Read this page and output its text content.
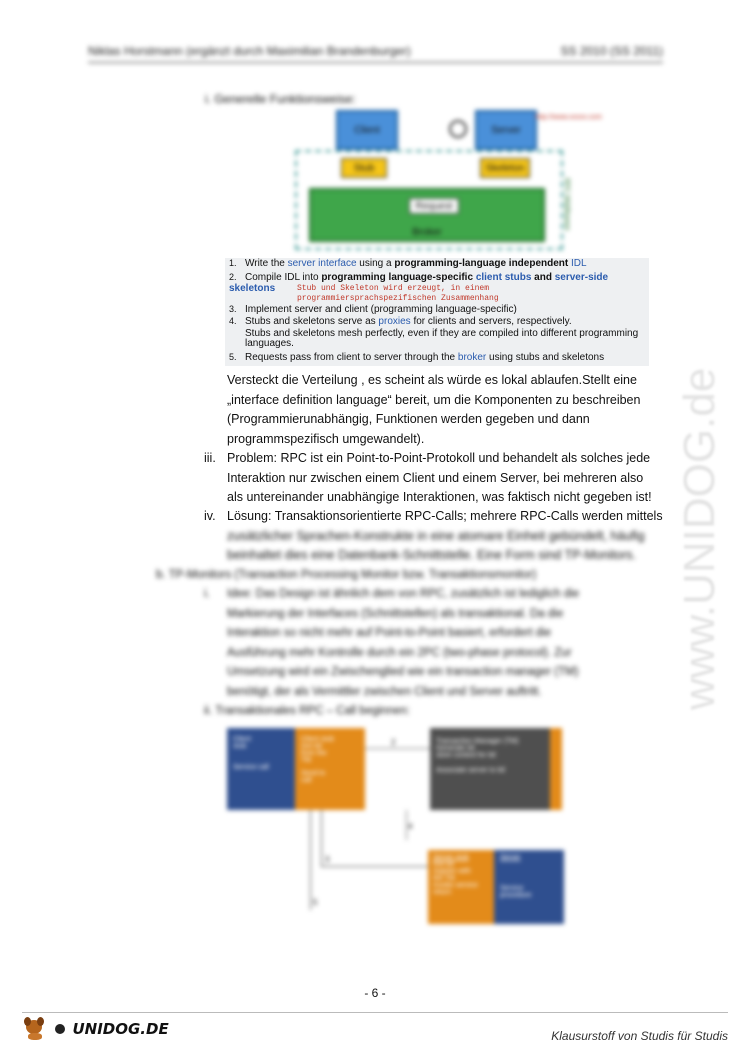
Niklas Horstmann (ergänzt durch Maximilian Brandenburger)	SS 2010 (SS 2011)
i. Generelle Funktionsweise:
Client	Server
http://www.xxxxx.com
Stub	Skeleton
Broker
Request	RPC Middleware
1. Write the server interface using a programming-language independent IDL
2. Compile IDL into programming language-specific client stubs and server-side skeletons
3. Implement server and client (programming language-specific)
4. Stubs and skeletons serve as proxies for clients and servers, respectively.
Stubs and skeletons mesh perfectly, even if they are compiled into different programming
languages.
5. Requests pass from client to server through the broker using stubs and skeletons
Stub und Skeleton wird erzeugt, in einem
programmiersprachspezifischen Zusammenhang
Versteckt die Verteilung , es scheint als würde es lokal ablaufen.Stellt eine
„interface definition language“ bereit, um die Komponenten zu beschreiben
(Programmierunabhängig, Funktionen werden gegeben und dann
programmspezifisch umgewandelt).
iii. Problem: RPC ist ein Point-to-Point-Protokoll und behandelt als solches jede
Interaktion nur zwischen einem Client und einem Server, bei mehreren also
als untereinander unabhängige Interaktionen, was faktisch nicht gegeben ist!
iv. Lösung: Transaktionsorientierte RPC-Calls; mehrere RPC-Calls werden mittels
zusätzlicher Sprachen-Konstrukte in eine atomare Einheit gebündelt, häufig
beinhaltet dies eine Datenbank-Schnittstelle. Eine Form sind TP-Monitors.
b. TP-Monitors (Transaction Processing Monitor bzw. Transaktionsmonitor)
i. Idee: Das Design ist ähnlich dem von RPC, zusätzlich ist lediglich die
Markierung der Interfaces (Schnittstellen) als transaktional. Da die
Interaktion so nicht mehr auf Point-to-Point basiert, erfordert die
Ausführung mehr Kontrolle durch ein 2PC (two-phase protocol). Zur
Umsetzung wird ein Zwischenglied wie ein transaction manager (TM)
benötigt, der als Vermittler zwischen Client und Server auftritt.
ii. Transaktionales RPC – Call beginnen:
Client
stub
Service call
Client stub
Get tid
from the
TM
Send to
call
Transaction Manager (TM)
Generate tid
store context for tid
Associate server to tid
2
4
Server stub
Get tid
register with
the TM
Invoke service
return
Server
Service
procedure
3
5
www.UNIDOG.de
- 6 -
UNIDOG.DE	Klausurstoff von Studis für Studis
